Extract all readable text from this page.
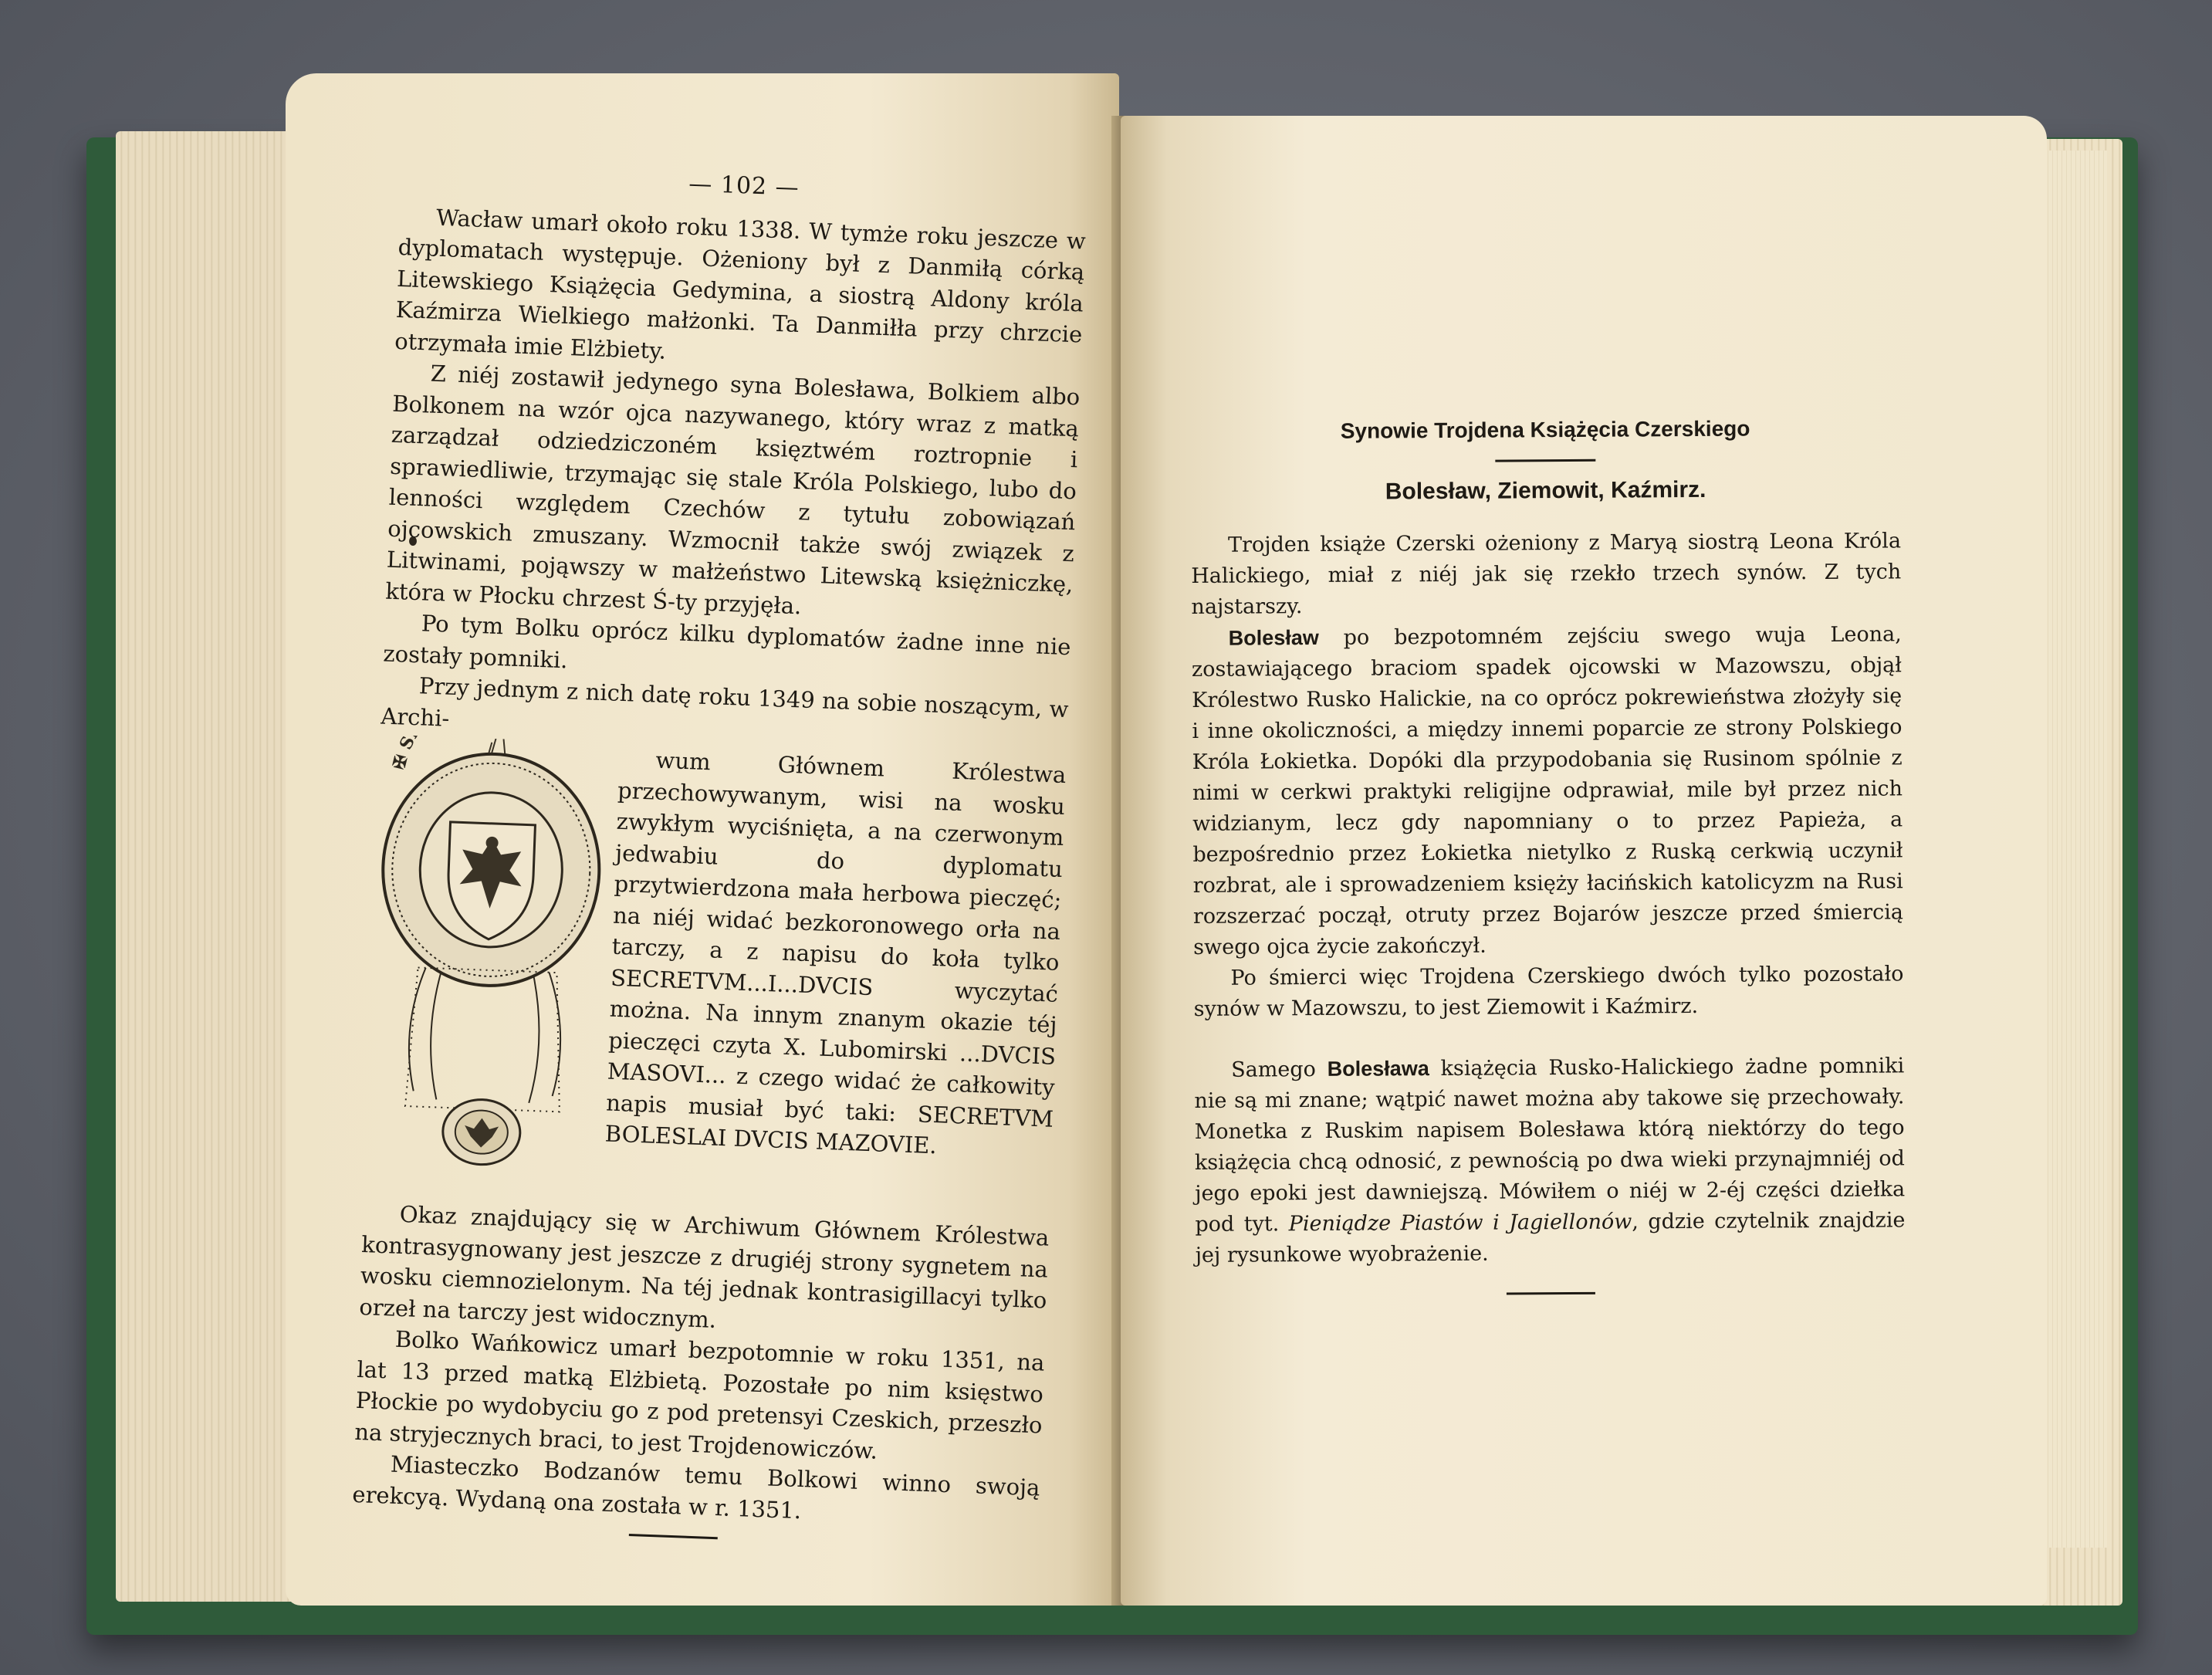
— 102 —

Wacław umarł około roku 1338. W tymże roku jeszcze w dyplomatach występuje. Ożeniony był z Danmiłą córką Litewskiego Książęcia Gedymina, a siostrą Aldony króla Kaźmirza Wielkiego małżonki. Ta Danmiłła przy chrzcie otrzymała imie Elżbiety.

Z niéj zostawił jedynego syna Bolesława, Bolkiem albo Bolkonem na wzór ojca nazywanego, który wraz z matką zarządzał odziedziczoném księztwém roztropnie i sprawiedliwie, trzymając się stale Króla Polskiego, lubo do lenności względem Czechów z tytułu zobowiązań ojcowskich zmuszany. Wzmocnił także swój związek z Litwinami, pojąwszy w małżeństwo Litewską księżniczkę, która w Płocku chrzest Ś-ty przyjęła.

Po tym Bolku oprócz kilku dyplomatów żadne inne nie zostały pomniki.

Przy jednym z nich datę roku 1349 na sobie noszącym, w Archi-

✠ SECRETVM

wum Głównem Królestwa przechowywanym, wisi na wosku zwykłym wyciśnięta, a na czerwonym jedwabiu do dyplomatu przytwierdzona mała herbowa pieczęć; na niéj widać bezkoronowego orła na tarczy, a z napisu do koła tylko SECRETVM...I...DVCIS wyczytać można. Na innym znanym okazie téj pieczęci czyta X. Lubomirski ...DVCIS MASOVI... z czego widać że całkowity napis musiał być taki: SECRETVM BOLESLAI DVCIS MAZOVIE.

Okaz znajdujący się w Archiwum Głównem Królestwa kontrasygnowany jest jeszcze z drugiéj strony sygnetem na wosku ciemnozielonym. Na téj jednak kontrasigillacyi tylko orzeł na tarczy jest widocznym.

Bolko Wańkowicz umarł bezpotomnie w roku 1351, na lat 13 przed matką Elżbietą. Pozostałe po nim księstwo Płockie po wydobyciu go z pod pretensyi Czeskich, przeszło na stryjecznych braci, to jest Trojdenowiczów.

Miasteczko Bodzanów temu Bolkowi winno swoją erekcyą. Wydaną ona została w r. 1351.

Synowie Trojdena Książęcia Czerskiego
Bolesław, Ziemowit, Kaźmirz.

Trojden książe Czerski ożeniony z Maryą siostrą Leona Króla Halickiego, miał z niéj jak się rzekło trzech synów. Z tych najstarszy.

Bolesław po bezpotomném zejściu swego wuja Leona, zostawiającego braciom spadek ojcowski w Mazowszu, objął Królestwo Rusko Halickie, na co oprócz pokrewieństwa złożyły się i inne okoliczności, a między innemi poparcie ze strony Polskiego Króla Łokietka. Dopóki dla przypodobania się Rusinom spólnie z nimi w cerkwi praktyki religijne odprawiał, mile był przez nich widzianym, lecz gdy napomniany o to przez Papieża, a bezpośrednio przez Łokietka nietylko z Ruską cerkwią uczynił rozbrat, ale i sprowadzeniem księży łacińskich katolicyzm na Rusi rozszerzać począł, otruty przez Bojarów jeszcze przed śmiercią swego ojca życie zakończył.

Po śmierci więc Trojdena Czerskiego dwóch tylko pozostało synów w Mazowszu, to jest Ziemowit i Kaźmirz.

Samego Bolesława książęcia Rusko-Halickiego żadne pomniki nie są mi znane; wątpić nawet można aby takowe się przechowały. Monetka z Ruskim napisem Bolesława którą niektórzy do tego książęcia chcą odnosić, z pewnością po dwa wieki przynajmniéj od jego epoki jest dawniejszą. Mówiłem o niéj w 2-éj części dziełka pod tyt. Pieniądze Piastów i Jagiellonów, gdzie czytelnik znajdzie jej rysunkowe wyobrażenie.
